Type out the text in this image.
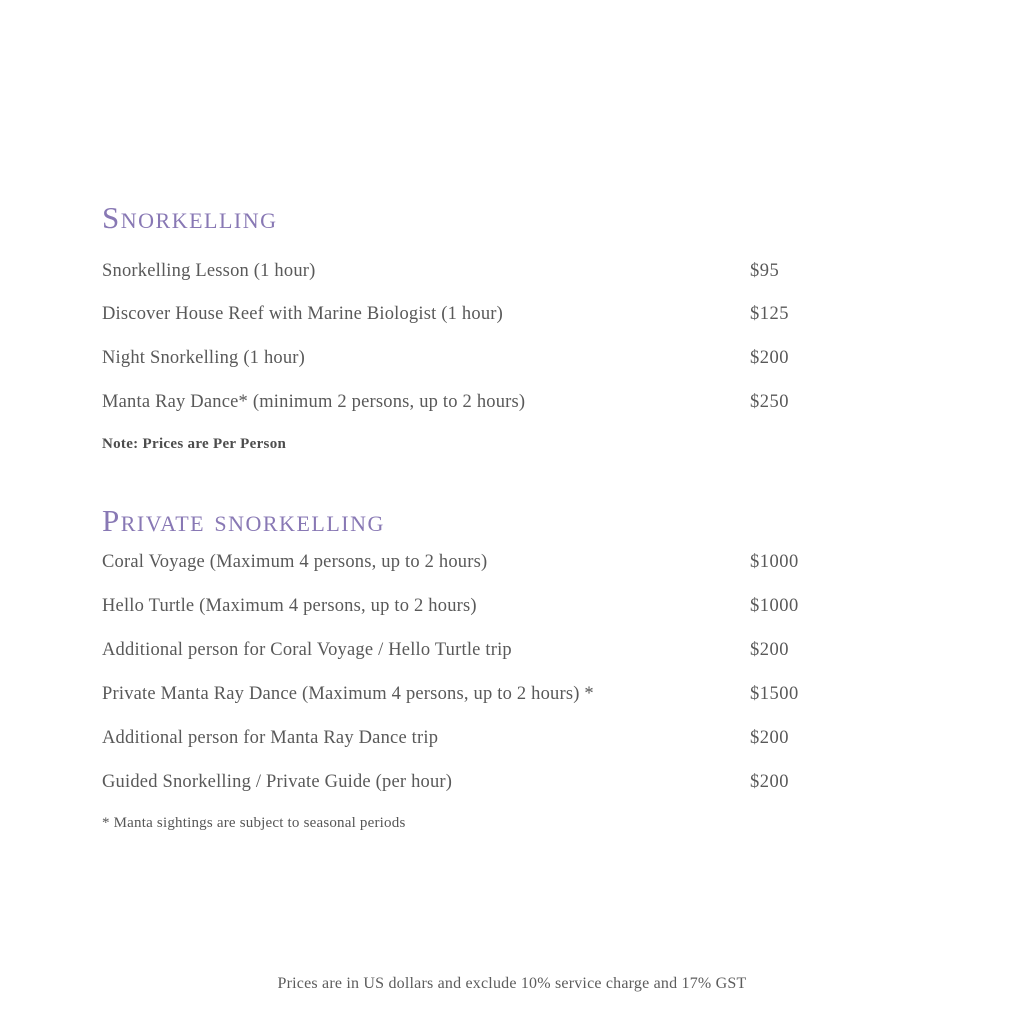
Snorkelling
Snorkelling Lesson (1 hour)	$95
Discover House Reef with Marine Biologist (1 hour)	$125
Night Snorkelling (1 hour)	$200
Manta Ray Dance* (minimum 2 persons, up to 2 hours)	$250
Note: Prices are Per Person
Private snorkelling
Coral Voyage (Maximum 4 persons, up to 2 hours)	$1000
Hello Turtle (Maximum 4 persons, up to 2 hours)	$1000
Additional person for Coral Voyage / Hello Turtle trip	$200
Private Manta Ray Dance (Maximum 4 persons, up to 2 hours) *	$1500
Additional person for Manta Ray Dance trip	$200
Guided Snorkelling / Private Guide (per hour)	$200
* Manta sightings are subject to seasonal periods
Prices are in US dollars and exclude 10% service charge and 17% GST
